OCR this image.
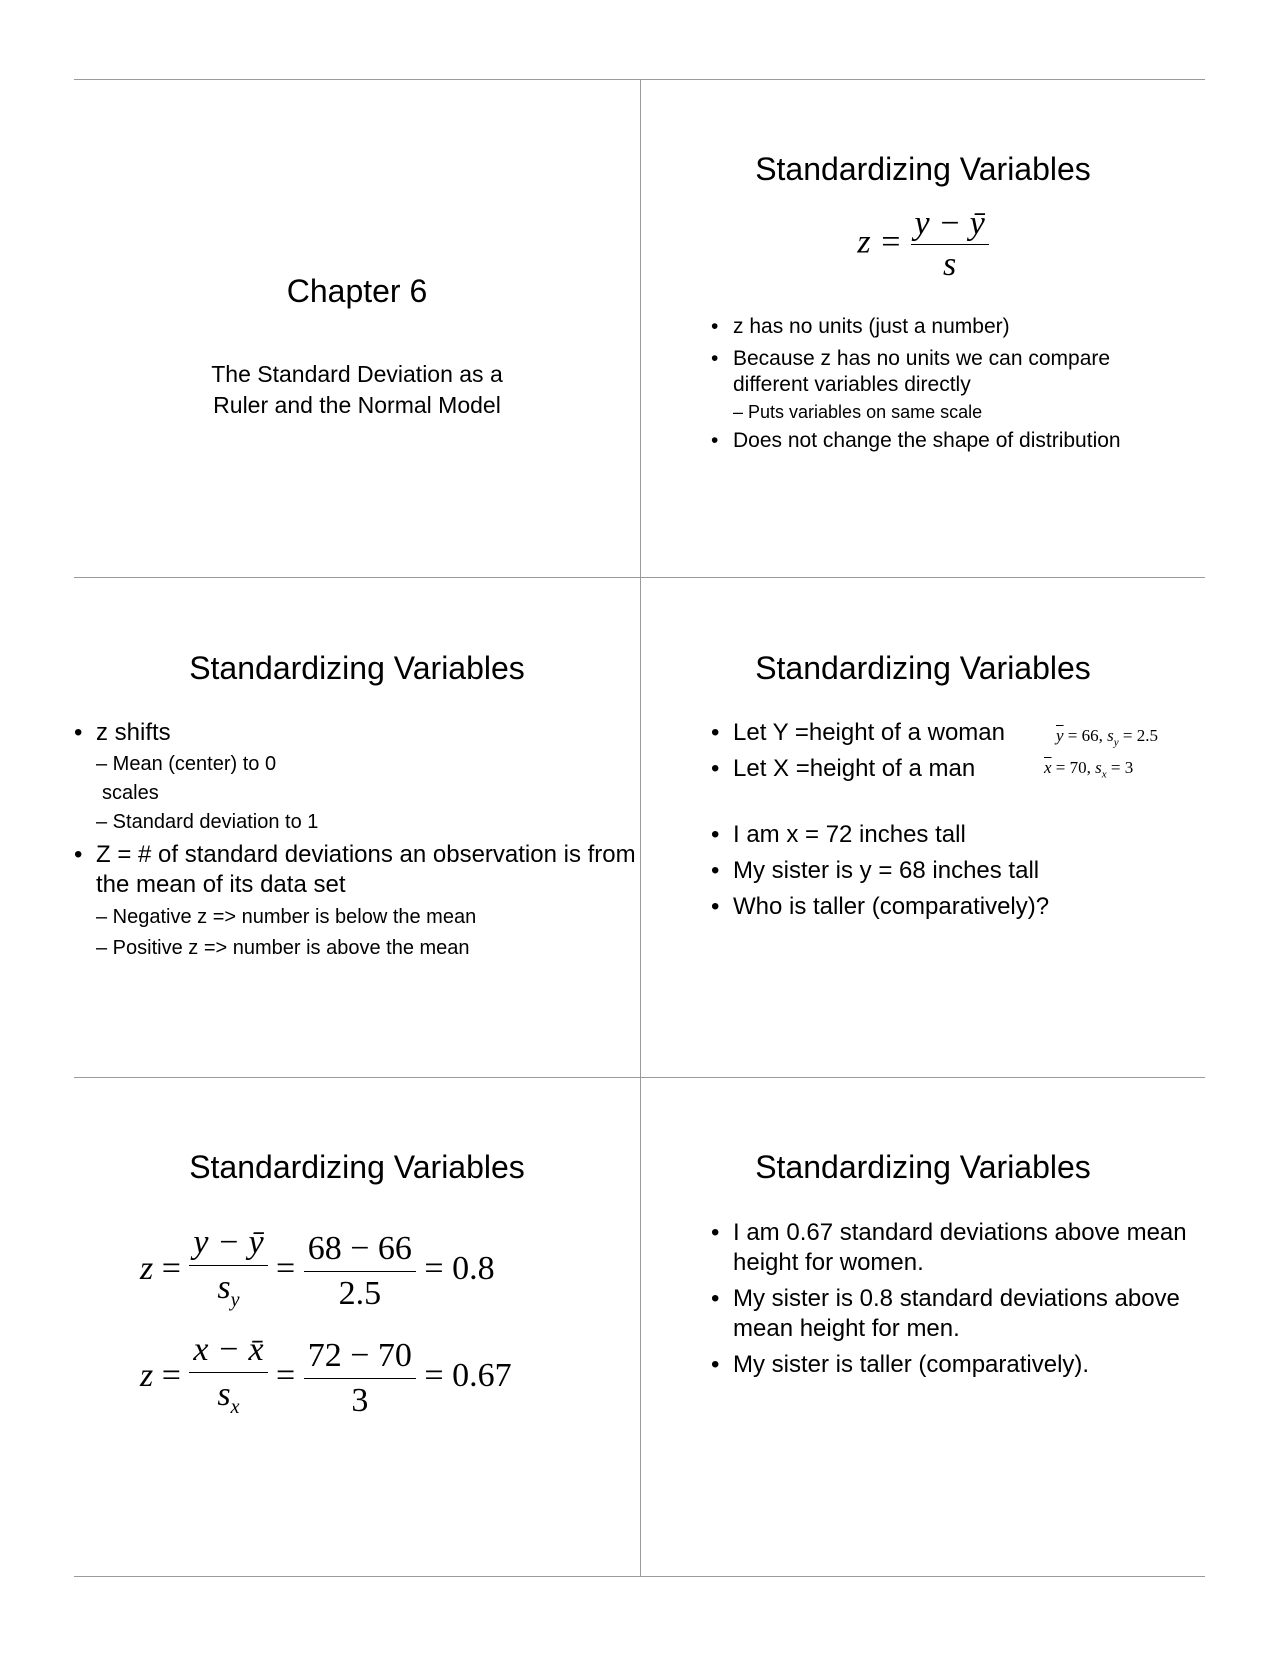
Chapter 6
The Standard Deviation as a
Ruler and the Normal Model
Standardizing Variables
$z = \frac{y - ȳ}{s}$
• z has no units (just a number)
• Because z has no units we can compare different variables directly
– Puts variables on same scale
• Does not change the shape of distribution
Standardizing Variables
• z shifts
– Mean (center) to 0
scales
– Standard deviation to 1
• Z = # of standard deviations an observation is from the mean of its data set
– Negative z => number is below the mean
– Positive z => number is above the mean
Standardizing Variables
• Let Y =height of a woman
• Let X =height of a man
$\overline{y} = 66$, $s_y = 2.5$
$\overline{x} = 70$, $s_x = 3$
• I am x = 72 inches tall
• My sister is y = 68 inches tall
• Who is taller (comparatively)?
Standardizing Variables
$z = \frac{y - ȳ}{s_y} = \frac{68 - 66}{2.5} = 0.8$
$z = \frac{x - x̄}{s_x} = \frac{72 - 70}{3} = 0.67$
Standardizing Variables
• I am 0.67 standard deviations above mean height for women.
• My sister is 0.8 standard deviations above mean height for men.
• My sister is taller (comparatively).
